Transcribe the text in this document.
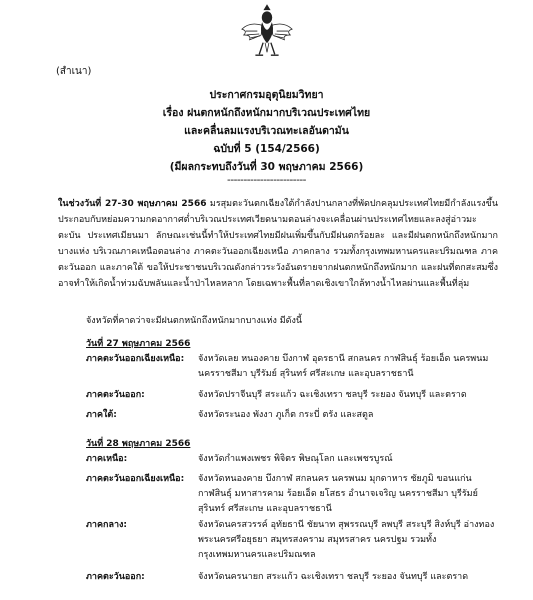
(สำเนา)
ประกาศกรมอุตุนิยมวิทยา
เรื่อง ฝนตกหนักถึงหนักมากบริเวณประเทศไทย
และคลื่นลมแรงบริเวณทะเลอันดามัน
ฉบับที่ 5 (154/2566)
(มีผลกระทบถึงวันที่ 30 พฤษภาคม 2566)
------------------------
ในช่วงวันที่ 27-30 พฤษภาคม 2566 มรสุมตะวันตกเฉียงใต้กำลังปานกลางที่พัดปกคลุมประเทศไทยมีกำลังแรงขึ้น ประกอบกับหย่อมความกดอากาศต่ำบริเวณประเทศเวียดนามตอนล่างจะเคลื่อนผ่านประเทศไทยและลงสู่อ่าวมะตะบัน ประเทศเมียนมา ลักษณะเช่นนี้ทำให้ประเทศไทยมีฝนเพิ่มขึ้นกับมีฝนตกร้อยละ และมีฝนตกหนักถึงหนักมากบางแห่ง บริเวณภาคเหนือตอนล่าง ภาคตะวันออกเฉียงเหนือ ภาคกลาง รวมทั้งกรุงเทพมหานครและปริมณฑล ภาคตะวันออก และภาคใต้ ขอให้ประชาชนบริเวณดังกล่าวระวังอันตรายจากฝนตกหนักถึงหนักมาก และฝนที่ตกสะสมซึ่งอาจทำให้เกิดน้ำท่วมฉับพลันและน้ำป่าไหลหลาก โดยเฉพาะพื้นที่ลาดเชิงเขาใกล้ทางน้ำไหลผ่านและพื้นที่ลุ่ม
จังหวัดที่คาดว่าจะมีฝนตกหนักถึงหนักมากบางแห่ง มีดังนี้
วันที่ 27 พฤษภาคม 2566
ภาคตะวันออกเฉียงเหนือ:	จังหวัดเลย หนองคาย บึงกาฬ อุดรธานี สกลนคร กาฬสินธุ์ ร้อยเอ็ด นครพนม นครราชสีมา บุรีรัมย์ สุรินทร์ ศรีสะเกษ และอุบลราชธานี
ภาคตะวันออก:	จังหวัดปราจีนบุรี สระแก้ว ฉะเชิงเทรา ชลบุรี ระยอง จันทบุรี และตราด
ภาคใต้:	จังหวัดระนอง พังงา ภูเก็ต กระบี่ ตรัง และสตูล
วันที่ 28 พฤษภาคม 2566
ภาคเหนือ:	จังหวัดกำแพงเพชร พิจิตร พิษณุโลก และเพชรบูรณ์
ภาคตะวันออกเฉียงเหนือ:	จังหวัดหนองคาย บึงกาฬ สกลนคร นครพนม มุกดาหาร ชัยภูมิ ขอนแก่น กาฬสินธุ์ มหาสารคาม ร้อยเอ็ด ยโสธร อำนาจเจริญ นครราชสีมา บุรีรัมย์ สุรินทร์ ศรีสะเกษ และอุบลราชธานี
ภาคกลาง:	จังหวัดนครสวรรค์ อุทัยธานี ชัยนาท สุพรรณบุรี ลพบุรี สระบุรี สิงห์บุรี อ่างทอง พระนครศรีอยุธยา สมุทรสงคราม สมุทรสาคร นครปฐม รวมทั้งกรุงเทพมหานครและปริมณฑล
ภาคตะวันออก:	จังหวัดนครนายก สระแก้ว ฉะเชิงเทรา ชลบุรี ระยอง จันทบุรี และตราด
